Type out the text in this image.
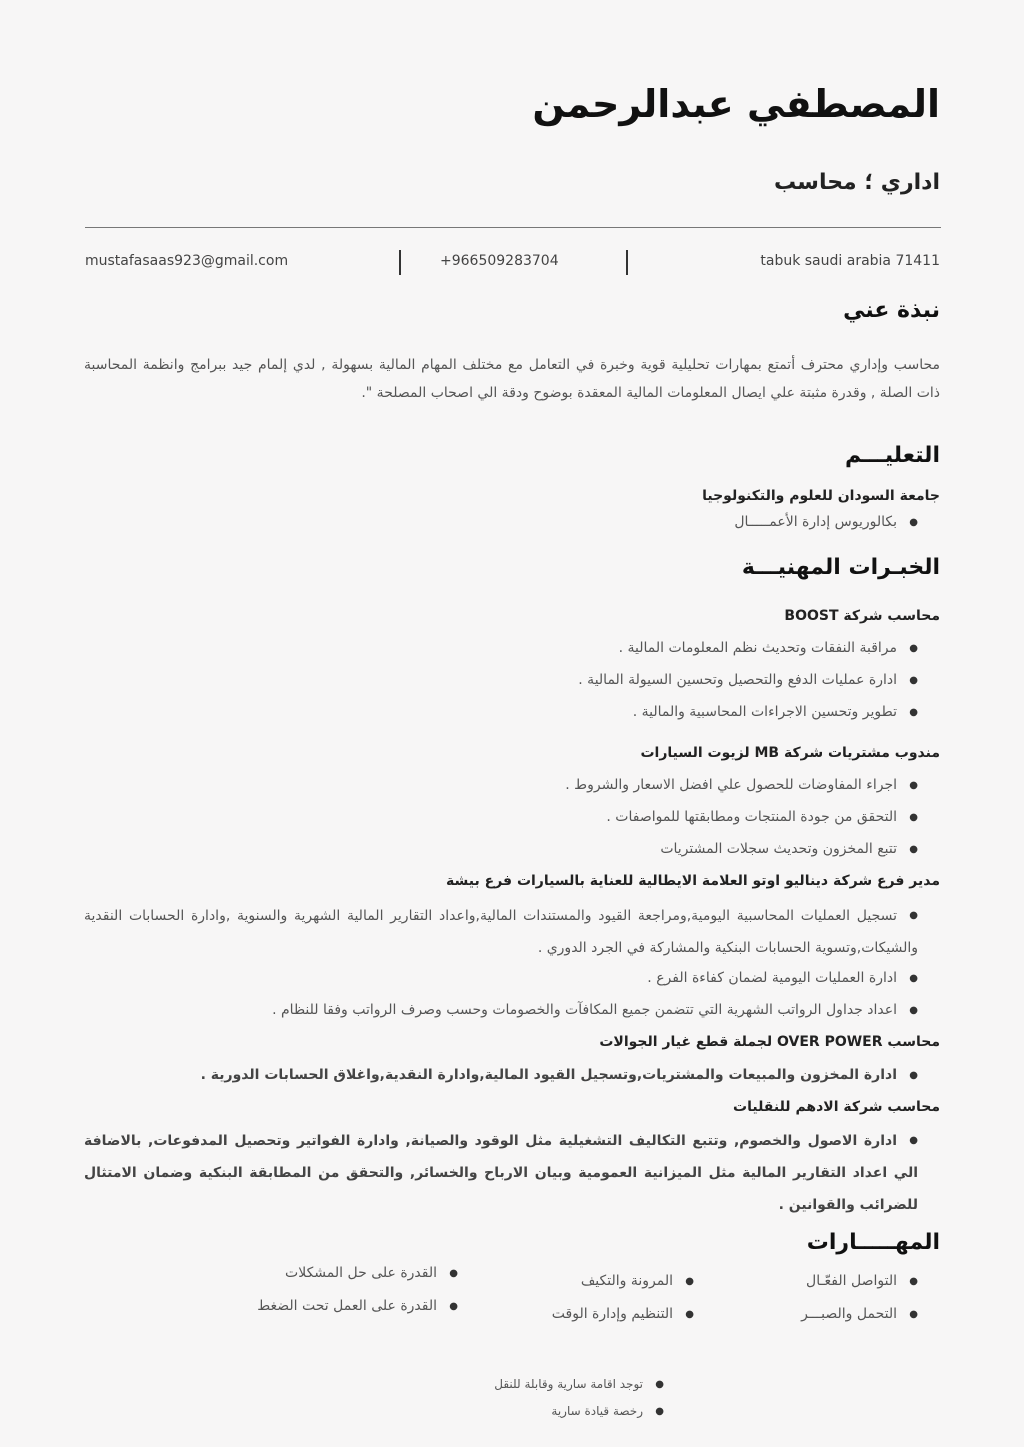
المصطفي عبدالرحمن
اداري ؛ محاسب
mustafasaas923@gmail.com	+966509283704	tabuk saudi arabia 71411
نبذة عني
محاسب وإداري محترف أتمتع بمهارات تحليلية قوية وخبرة في التعامل مع مختلف المهام المالية بسهولة , لدي إلمام جيد ببرامج وانظمة المحاسبة ذات الصلة , وقدرة مثبتة علي ايصال المعلومات المالية المعقدة بوضوح ودقة الي اصحاب المصلحة ".
التعليـــم
جامعة السودان للعلوم والتكنولوجيا
●بكالوريوس إدارة الأعمـــــال
الخبـرات المهنيـــة
محاسب شركة BOOST
●مراقبة النفقات وتحديث نظم المعلومات المالية .
●ادارة عمليات الدفع والتحصيل وتحسين السيولة المالية .
●تطوير وتحسين الاجراءات المحاسبية والمالية .
مندوب مشتريات شركة MB لزيوت السيارات
●اجراء المفاوضات للحصول علي افضل الاسعار والشروط .
●التحقق من جودة المنتجات ومطابقتها للمواصفات .
●تتبع المخزون وتحديث سجلات المشتريات
مدير فرع شركة ديناليو اوتو العلامة الايطالية للعناية بالسيارات فرع بيشة
●تسجيل العمليات المحاسبية اليومية,ومراجعة القيود والمستندات المالية,واعداد التقارير المالية الشهرية والسنوية ,وادارة الحسابات النقدية والشيكات,وتسوية الحسابات البنكية والمشاركة في الجرد الدوري .
●ادارة العمليات اليومية لضمان كفاءة الفرع .
●اعداد جداول الرواتب الشهرية التي تتضمن جميع المكافآت والخصومات وحسب وصرف الرواتب وفقا للنظام .
محاسب OVER POWER لجملة قطع غيار الجوالات
●ادارة المخزون والمبيعات والمشتريات,وتسجيل القيود المالية,وادارة النقدية,واغلاق الحسابات الدورية .
محاسب شركة الادهم للنقليات
●ادارة الاصول والخصوم, وتتبع التكاليف التشغيلية مثل الوقود والصيانة, وادارة الفواتير وتحصيل المدفوعات, بالاضافة الي اعداد التقارير المالية مثل الميزانية العمومية وبيان الارباح والخسائر, والتحقق من المطابقة البنكية وضمان الامتثال للضرائب والقوانين .
المهـــــارات
●التواصل الفعّـال
●التحمل والصبـــر
●المرونة والتكيف
●التنظيم وإدارة الوقت
●القدرة على حل المشكلات
●القدرة على العمل تحت الضغط
●توجد اقامة سارية وقابلة للنقل
●رخصة قيادة سارية
